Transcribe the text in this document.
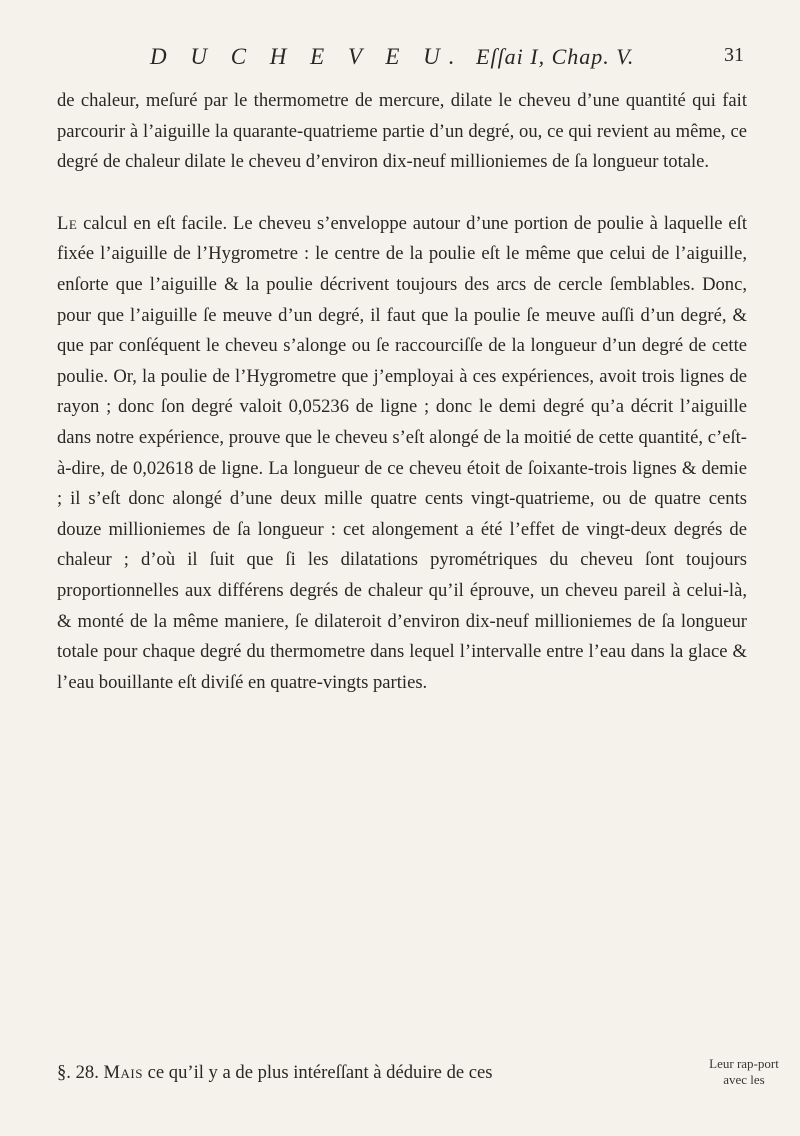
D U C H E V E U. Eſſai I, Chap. V.	31

de chaleur, meſuré par le thermometre de mercure, dilate le cheveu d’une quantité qui fait parcourir à l’aiguille la quarante-quatrieme partie d’un degré, ou, ce qui revient au même, ce degré de chaleur dilate le cheveu d’environ dix-neuf millioniemes de ſa longueur totale.

Le calcul en eſt facile. Le cheveu s’enveloppe autour d’une portion de poulie à laquelle eſt fixée l’aiguille de l’Hygrometre : le centre de la poulie eſt le même que celui de l’aiguille, enſorte que l’aiguille & la poulie décrivent toujours des arcs de cercle ſemblables. Donc, pour que l’aiguille ſe meuve d’un degré, il faut que la poulie ſe meuve auſſi d’un degré, & que par conſéquent le cheveu s’alonge ou ſe raccourciſſe de la longueur d’un degré de cette poulie. Or, la poulie de l’Hygrometre que j’employai à ces expériences, avoit trois lignes de rayon ; donc ſon degré valoit 0,05236 de ligne ; donc le demi degré qu’a décrit l’aiguille dans notre expérience, prouve que le cheveu s’eſt alongé de la moitié de cette quantité, c’eſt-à-dire, de 0,02618 de ligne. La longueur de ce cheveu étoit de ſoixante-trois lignes & demie ; il s’eſt donc alongé d’une deux mille quatre cents vingt-quatrieme, ou de quatre cents douze millioniemes de ſa longueur : cet alongement a été l’effet de vingt-deux degrés de chaleur ; d’où il ſuit que ſi les dilatations pyrométriques du cheveu ſont toujours proportionnelles aux différens degrés de chaleur qu’il éprouve, un cheveu pareil à celui-là, & monté de la même maniere, ſe dilateroit d’environ dix-neuf millioniemes de ſa longueur totale pour chaque degré du thermometre dans lequel l’intervalle entre l’eau dans la glace & l’eau bouillante eſt diviſé en quatre-vingts parties.

§. 28. Mais ce qu’il y a de plus intéreſſant à déduire de ces	Leur rap-port avec les
